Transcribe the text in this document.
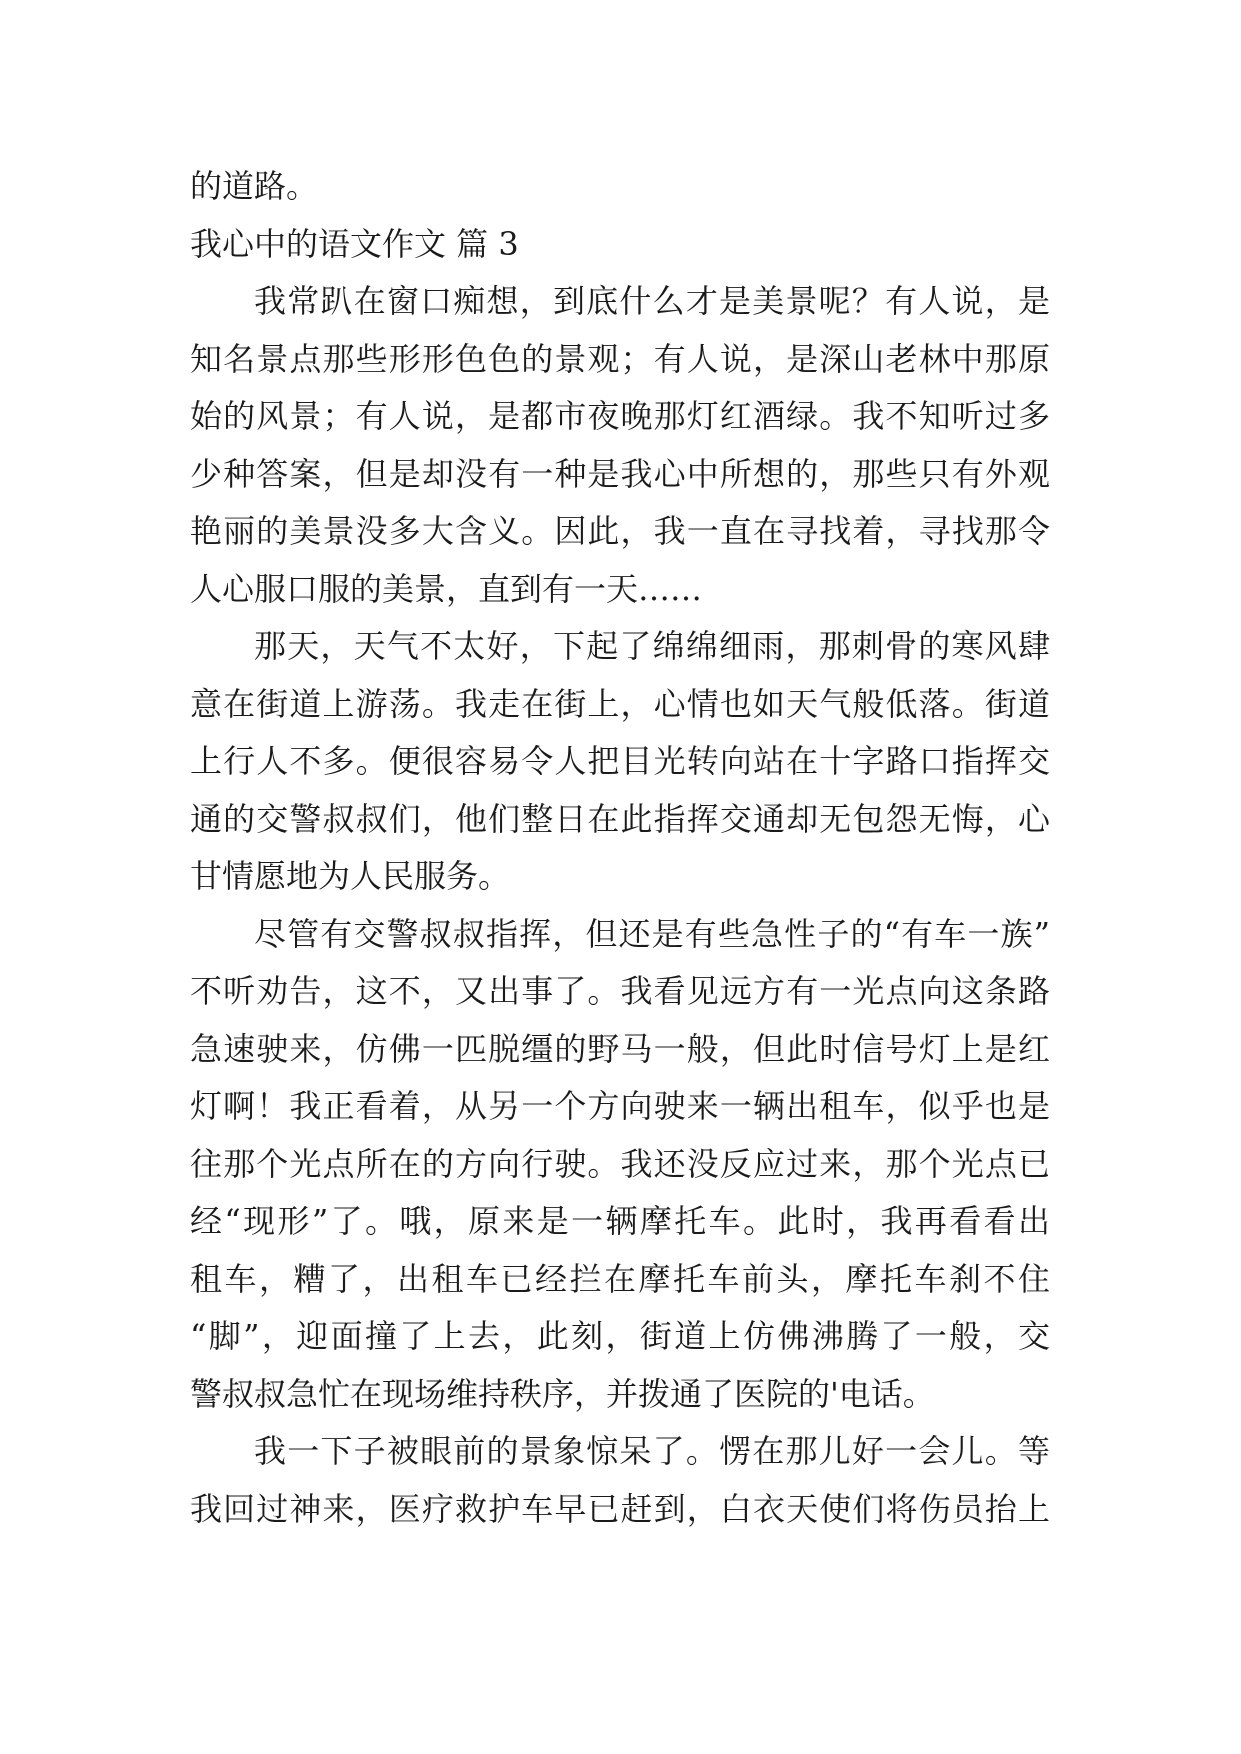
的道路。
我心中的语文作文 篇 3
我常趴在窗口痴想，到底什么才是美景呢？有人说，是
知名景点那些形形色色的景观；有人说，是深山老林中那原
始的风景；有人说，是都市夜晚那灯红酒绿。我不知听过多
少种答案，但是却没有一种是我心中所想的，那些只有外观
艳丽的美景没多大含义。因此，我一直在寻找着，寻找那令
人心服口服的美景，直到有一天……
那天，天气不太好，下起了绵绵细雨，那刺骨的寒风肆
意在街道上游荡。我走在街上，心情也如天气般低落。街道
上行人不多。便很容易令人把目光转向站在十字路口指挥交
通的交警叔叔们，他们整日在此指挥交通却无包怨无悔，心
甘情愿地为人民服务。
尽管有交警叔叔指挥，但还是有些急性子的“有车一族”
不听劝告，这不，又出事了。我看见远方有一光点向这条路
急速驶来，仿佛一匹脱缰的野马一般，但此时信号灯上是红
灯啊！我正看着，从另一个方向驶来一辆出租车，似乎也是
往那个光点所在的方向行驶。我还没反应过来，那个光点已
经“现形”了。哦，原来是一辆摩托车。此时，我再看看出
租车，糟了，出租车已经拦在摩托车前头，摩托车刹不住
“脚”，迎面撞了上去，此刻，街道上仿佛沸腾了一般，交
警叔叔急忙在现场维持秩序，并拨通了医院的'电话。
我一下子被眼前的景象惊呆了。愣在那儿好一会儿。等
我回过神来，医疗救护车早已赶到，白衣天使们将伤员抬上
